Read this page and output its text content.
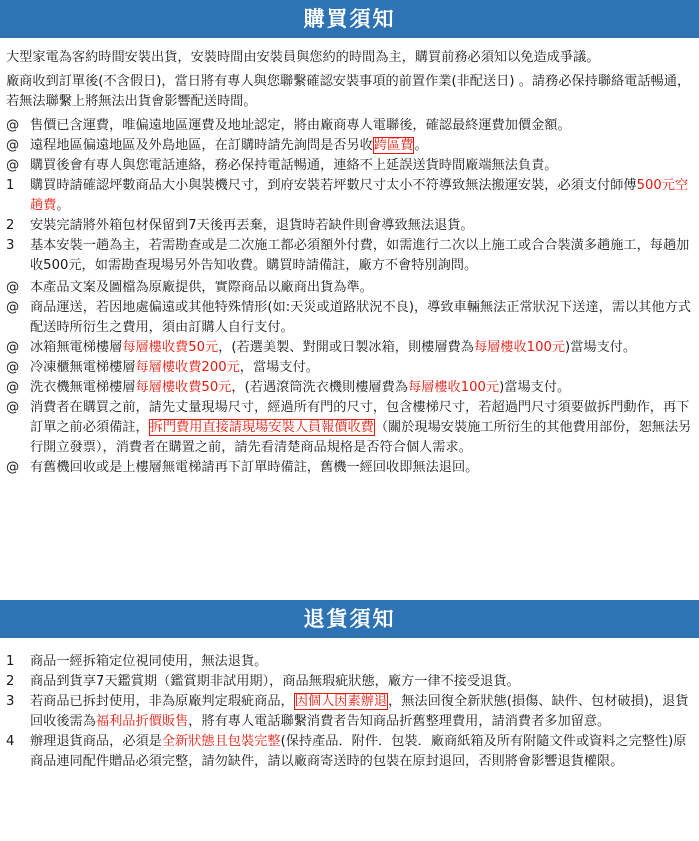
購買須知

大型家電為客約時間安裝出貨，安裝時間由安裝員與您約的時間為主，購買前務必須知以免造成爭議。

廠商收到訂單後(不含假日)，當日將有專人與您聯繫確認安裝事項的前置作業(非配送日) 。請務必保持聯絡電話暢通，若無法聯繫上將無法出貨會影響配送時間。

@ 售價已含運費，唯偏遠地區運費及地址認定，將由廠商專人電聯後，確認最終運費加價金額。
@ 遠程地區偏遠地區及外島地區，在訂購時請先詢問是否另收跨區費。
@ 購買後會有專人與您電話連絡，務必保持電話暢通，連絡不上延誤送貨時間廠端無法負責。
1	購買時請確認坪數商品大小與裝機尺寸，到府安裝若坪數尺寸太小不符導致無法搬運安裝，必須支付師傅500元空趟費。
2	安裝完請將外箱包材保留到7天後再丟棄，退貨時若缺件則會導致無法退貨。
3	基本安裝一趟為主，若需勘查或是二次施工都必須額外付費，如需進行二次以上施工或合合裝潢多趟施工，每趟加收500元，如需勘查現場另外告知收費。購買時請備註，廠方不會特別詢問。
@ 本產品文案及圖檔為原廠提供，實際商品以廠商出貨為準。
@ 商品運送，若因地處偏遠或其他特殊情形(如:天災或道路狀況不良)，導致車輛無法正常狀況下送達，需以其他方式配送時所衍生之費用，須由訂購人自行支付。
@ 冰箱無電梯樓層每層樓收費50元，(若選美製、對開或日製冰箱，則樓層費為每層樓收100元)當場支付。
@ 冷凍櫃無電梯樓層每層樓收費200元，當場支付。
@ 洗衣機無電梯樓層每層樓收費50元，(若遇滾筒洗衣機則樓層費為每層樓收100元)當場支付。
@ 消費者在購買之前，請先丈量現場尺寸，經過所有門的尺寸，包含樓梯尺寸，若超過門尺寸須要做拆門動作，再下訂單之前必須備註，拆門費用直接請現場安裝人員報價收費（關於現場安裝施工所衍生的其他費用部份，恕無法另行開立發票），消費者在購置之前，請先看清楚商品規格是否符合個人需求。
@ 有舊機回收或是上樓層無電梯請再下訂單時備註，舊機一經回收即無法退回。
退貨須知
1	商品一經拆箱定位視同使用，無法退貨。
2	商品到貨享7天鑑賞期（鑑賞期非試用期），商品無瑕疵狀態，廠方一律不接受退貨。
3	若商品已拆封使用，非為原廠判定瑕疵商品，因個人因素辦退，無法回復全新狀態(損傷、缺件、包材破損)，退貨回收後需為福利品折價販售，將有專人電話聯繫消費者告知商品折舊整理費用，請消費者多加留意。
4	辦理退貨商品，必須是全新狀態且包裝完整(保持產品．附件．包裝．廠商紙箱及所有附隨文件或資料之完整性)原商品連同配件贈品必須完整，請勿缺件，請以廠商寄送時的包裝在原封退回，否則將會影響退貨權限。
